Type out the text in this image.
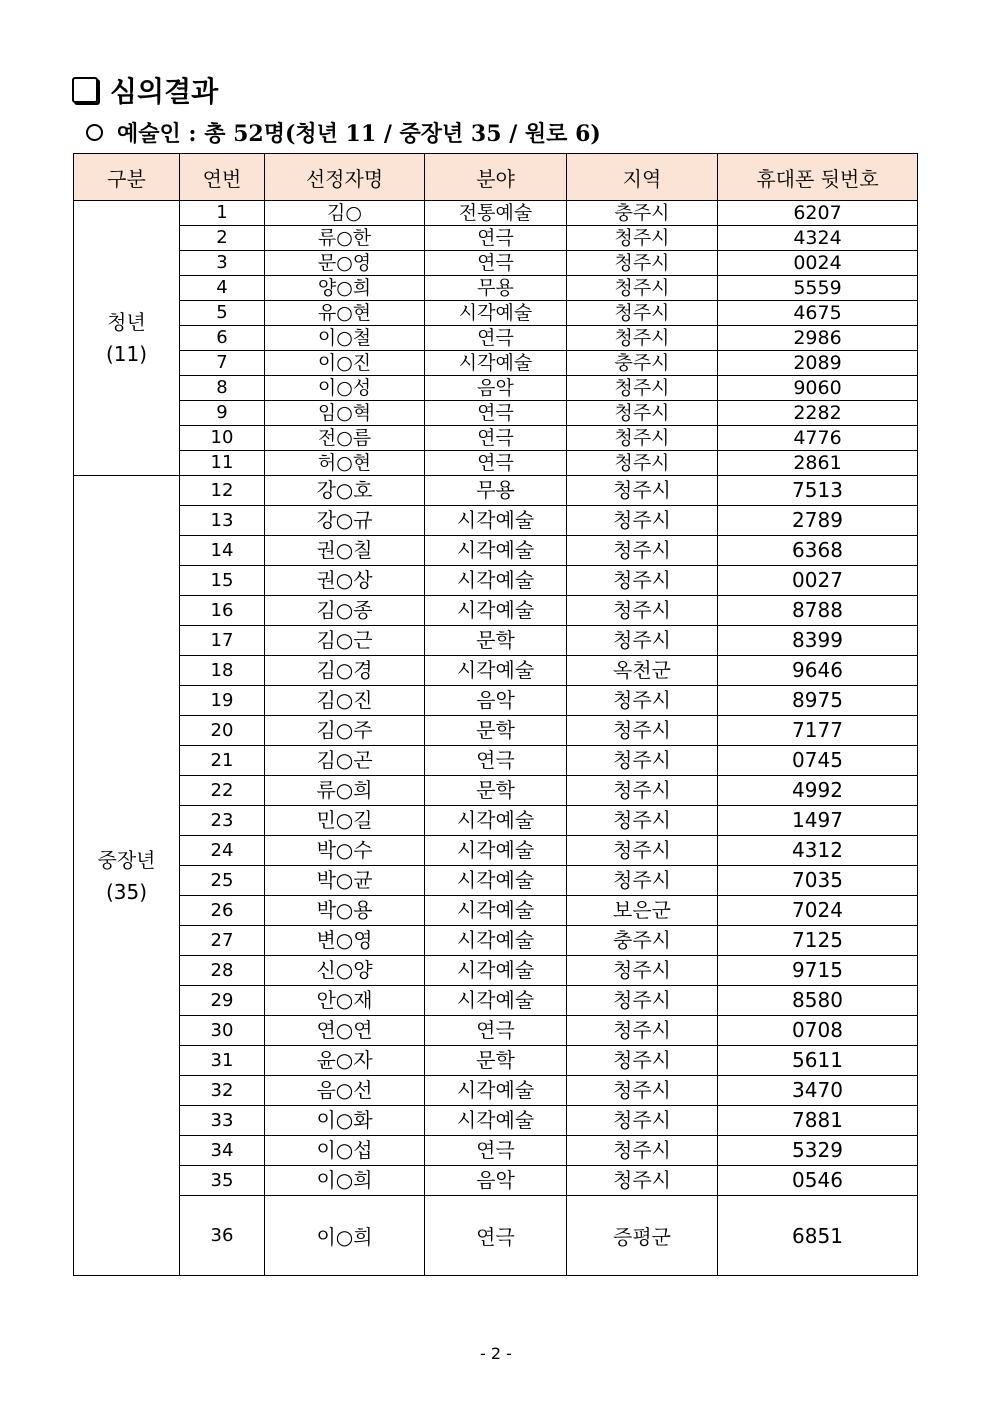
심의결과
예술인 : 총 52명(청년 11 / 중장년 35 / 원로 6)
구분	연번	선정자명	분야	지역	휴대폰 뒷번호

청년
(11)	1	김○	전통예술	충주시	6207
	2	류○한	연극	청주시	4324
	3	문○영	연극	청주시	0024
	4	양○희	무용	청주시	5559
	5	유○현	시각예술	청주시	4675
	6	이○철	연극	청주시	2986
	7	이○진	시각예술	충주시	2089
	8	이○성	음악	청주시	9060
	9	임○혁	연극	청주시	2282
	10	전○름	연극	청주시	4776
	11	허○현	연극	청주시	2861

중장년
(35)	12	강○호	무용	청주시	7513
	13	강○규	시각예술	청주시	2789
	14	권○칠	시각예술	청주시	6368
	15	권○상	시각예술	청주시	0027
	16	김○종	시각예술	청주시	8788
	17	김○근	문학	청주시	8399
	18	김○경	시각예술	옥천군	9646
	19	김○진	음악	청주시	8975
	20	김○주	문학	청주시	7177
	21	김○곤	연극	청주시	0745
	22	류○희	문학	청주시	4992
	23	민○길	시각예술	청주시	1497
	24	박○수	시각예술	청주시	4312
	25	박○균	시각예술	청주시	7035
	26	박○용	시각예술	보은군	7024
	27	변○영	시각예술	충주시	7125
	28	신○양	시각예술	청주시	9715
	29	안○재	시각예술	청주시	8580
	30	연○연	연극	청주시	0708
	31	윤○자	문학	청주시	5611
	32	음○선	시각예술	청주시	3470
	33	이○화	시각예술	청주시	7881
	34	이○섭	연극	청주시	5329
	35	이○희	음악	청주시	0546
	36	이○희	연극	증평군	6851
- 2 -
